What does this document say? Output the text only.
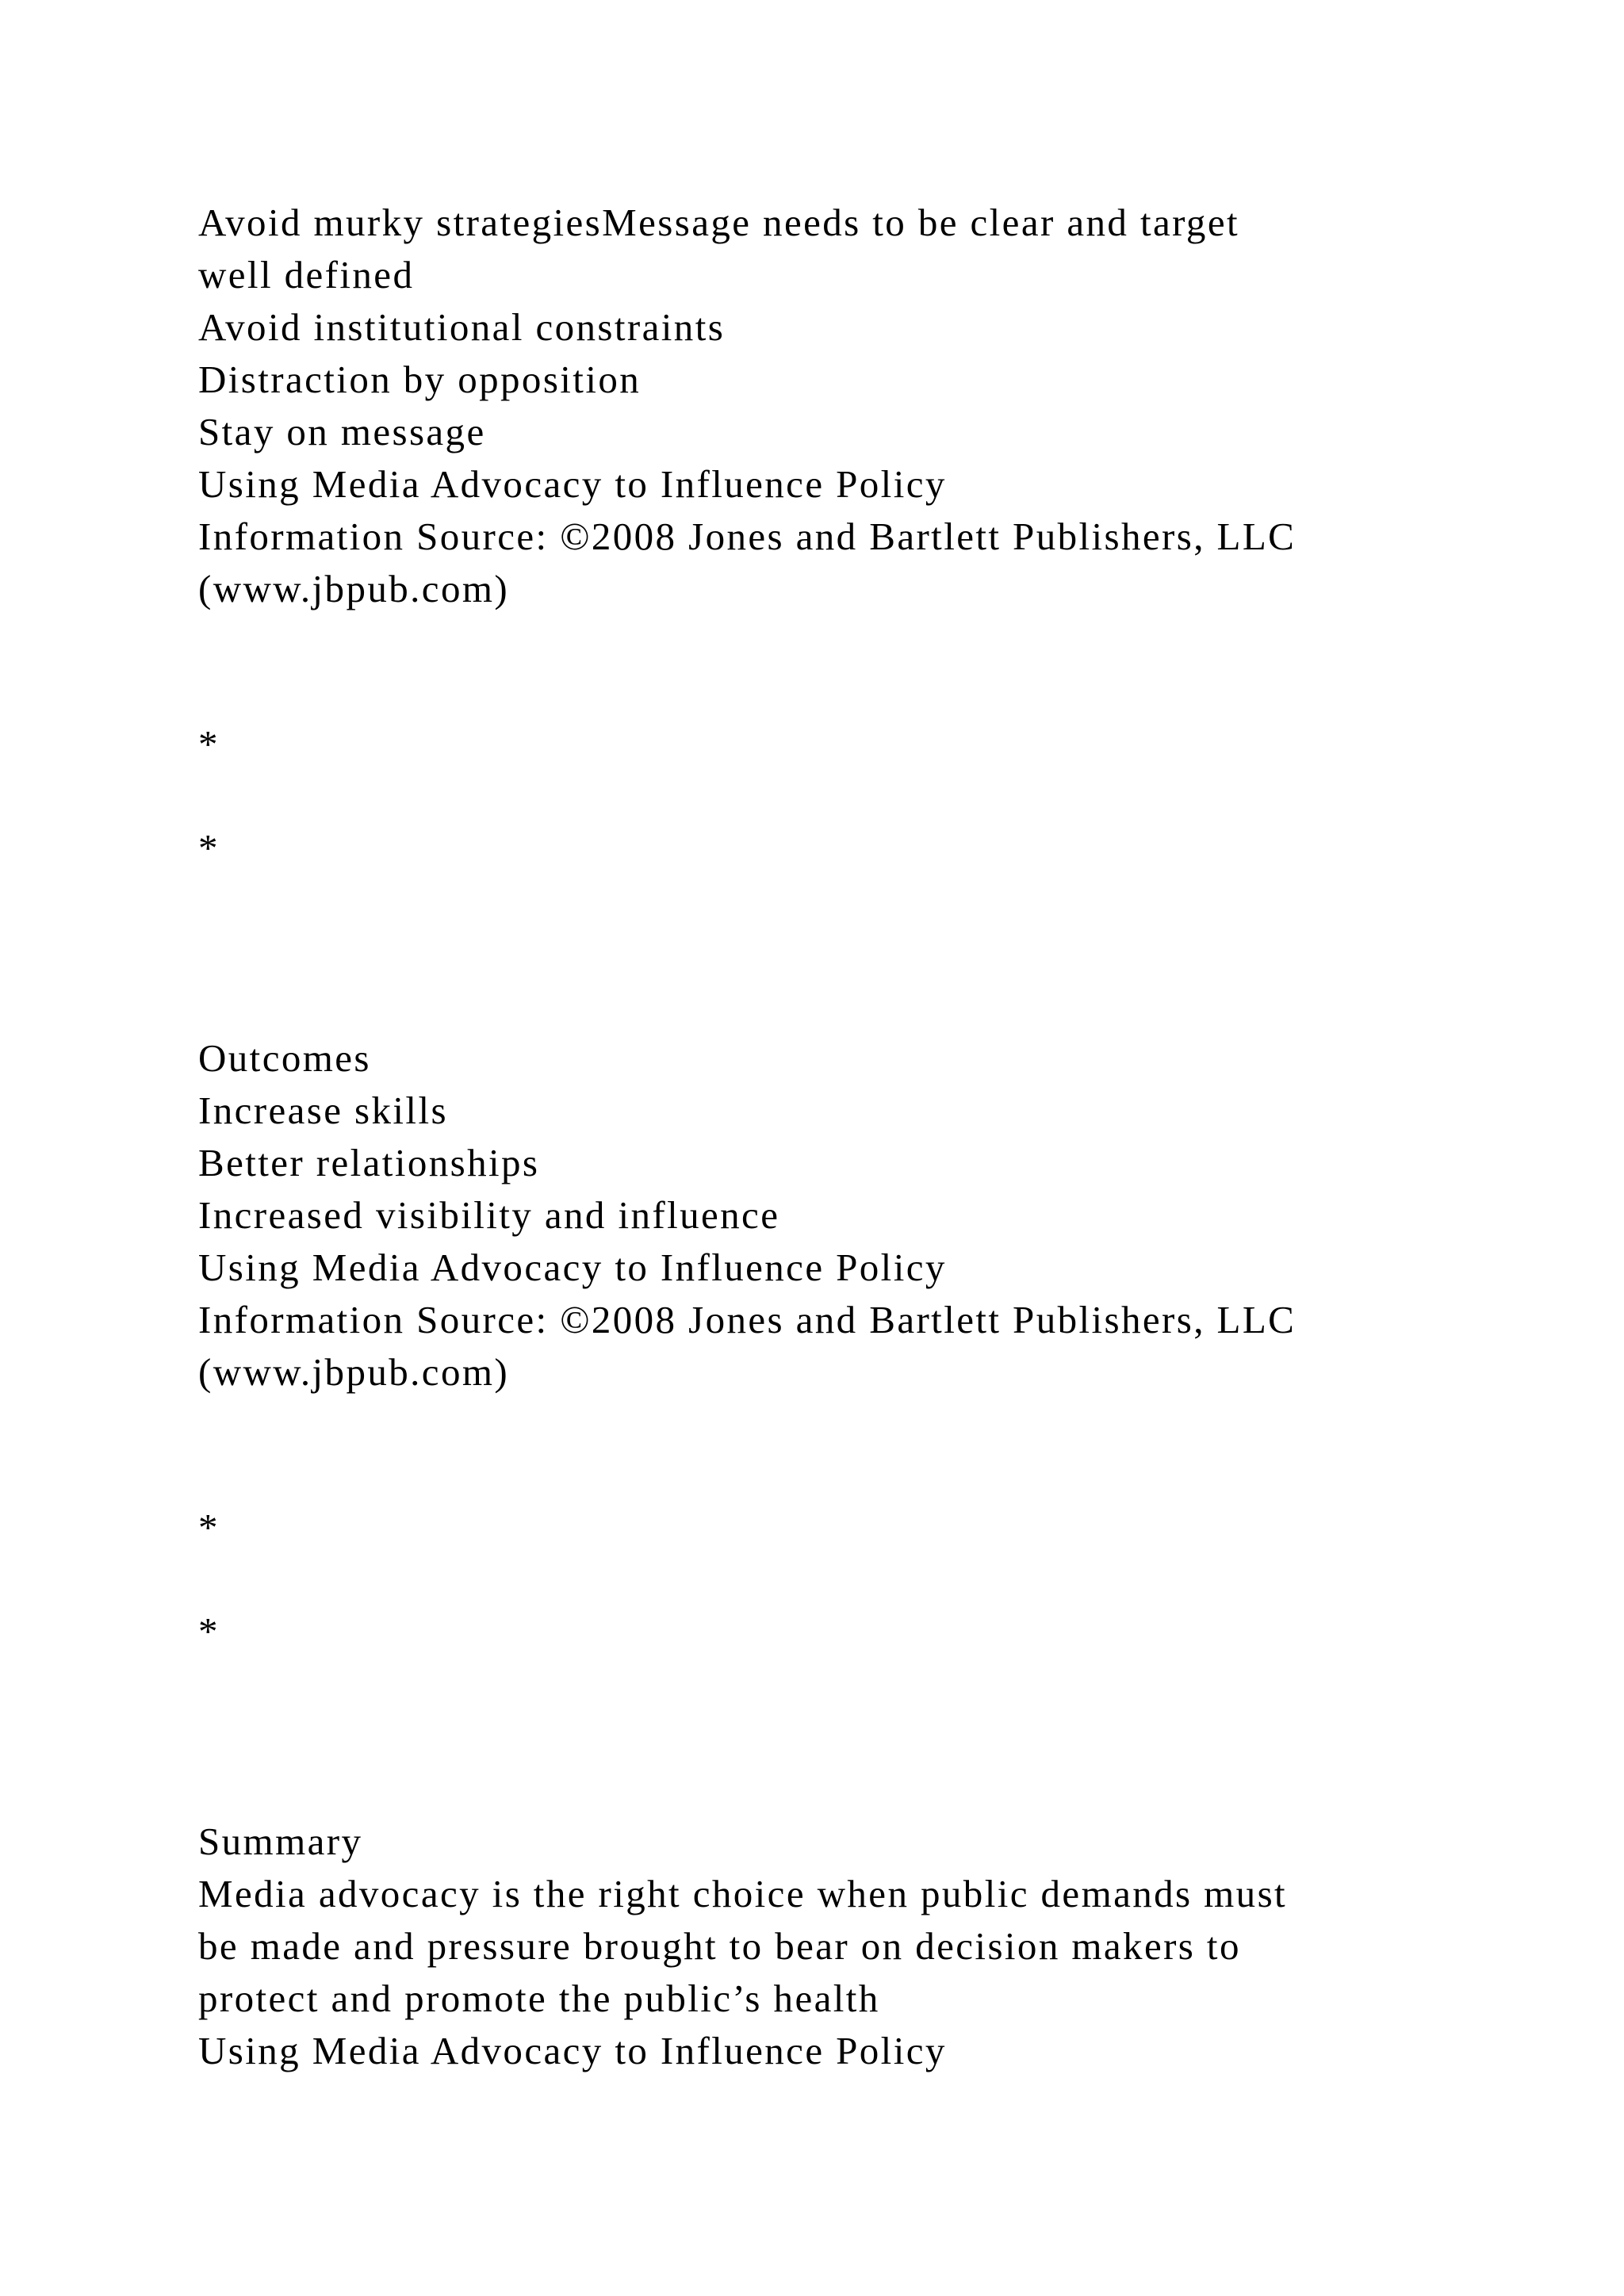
Avoid murky strategiesMessage needs to be clear and target

well defined

Avoid institutional constraints

Distraction by opposition

Stay on message

Using Media Advocacy to Influence Policy

Information Source: ©2008 Jones and Bartlett Publishers, LLC

(www.jbpub.com)

*

*

Outcomes

Increase skills

Better relationships

Increased visibility and influence

Using Media Advocacy to Influence Policy

Information Source: ©2008 Jones and Bartlett Publishers, LLC

(www.jbpub.com)

*

*

Summary

Media advocacy is the right choice when public demands must

be made and pressure brought to bear on decision makers to

protect and promote the public’s health

Using Media Advocacy to Influence Policy
